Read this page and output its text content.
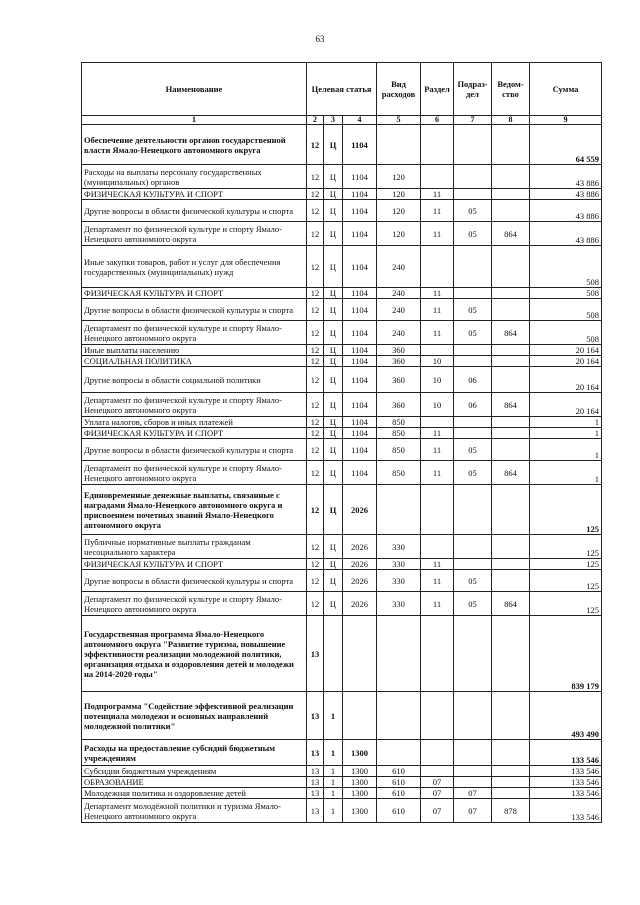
63
Наименование	Целевая статья			Вид расходов	Раздел	Подраз-дел	Ведом-ство	Сумма
1	2	3	4	5	6	7	8	9
Обеспечение деятельности органов государственной власти Ямало-Ненецкого автономного округа	12	Ц	1104					64 559
Расходы на выплаты персоналу государственных (муниципальных) органов	12	Ц	1104	120				43 886
ФИЗИЧЕСКАЯ КУЛЬТУРА И СПОРТ	12	Ц	1104	120	11			43 886
Другие вопросы в области физической культуры и спорта	12	Ц	1104	120	11	05		43 886
Департамент по физической культуре и спорту Ямало-Ненецкого автономного округа	12	Ц	1104	120	11	05	864	43 886
Иные закупки товаров, работ и услуг для обеспечения государственных (муниципальных) нужд	12	Ц	1104	240				508
ФИЗИЧЕСКАЯ КУЛЬТУРА И СПОРТ	12	Ц	1104	240	11			508
Другие вопросы в области физической культуры и спорта	12	Ц	1104	240	11	05		508
Департамент по физической культуре и спорту Ямало-Ненецкого автономного округа	12	Ц	1104	240	11	05	864	508
Иные выплаты населению	12	Ц	1104	360				20 164
СОЦИАЛЬНАЯ ПОЛИТИКА	12	Ц	1104	360	10			20 164
Другие вопросы в области социальной политики	12	Ц	1104	360	10	06		20 164
Департамент по физической культуре и спорту Ямало-Ненецкого автономного округа	12	Ц	1104	360	10	06	864	20 164
Уплата налогов, сборов и иных платежей	12	Ц	1104	850				1
ФИЗИЧЕСКАЯ КУЛЬТУРА И СПОРТ	12	Ц	1104	850	11			1
Другие вопросы в области физической культуры и спорта	12	Ц	1104	850	11	05		1
Департамент по физической культуре и спорту Ямало-Ненецкого автономного округа	12	Ц	1104	850	11	05	864	1
Единовременные денежные выплаты, связанные с наградами Ямало-Ненецкого автономного округа и присвоением почетных званий Ямало-Ненецкого автономного округа	12	Ц	2026					125
Публичные нормативные выплаты гражданам несоциального характера	12	Ц	2026	330				125
ФИЗИЧЕСКАЯ КУЛЬТУРА И СПОРТ	12	Ц	2026	330	11			125
Другие вопросы в области физической культуры и спорта	12	Ц	2026	330	11	05		125
Департамент по физической культуре и спорту Ямало-Ненецкого автономного округа	12	Ц	2026	330	11	05	864	125
Государственная программа Ямало-Ненецкого автономного округа "Развитие туризма, повышение эффективности реализации молодежной политики, организация отдыха и оздоровления детей и молодежи на 2014-2020 годы"	13							839 179
Подпрограмма "Содействие эффективной реализации потенциала молодежи и основных направлений молодежной политики"	13	1						493 490
Расходы на предоставление субсидий бюджетным учреждениям	13	1	1300					133 546
Субсидии бюджетным учреждениям	13	1	1300	610				133 546
ОБРАЗОВАНИЕ	13	1	1300	610	07			133 546
Молодежная политика и оздоровление детей	13	1	1300	610	07	07		133 546
Департамент молодёжной политики и туризма Ямало-Ненецкого автономного округа	13	1	1300	610	07	07	878	133 546
